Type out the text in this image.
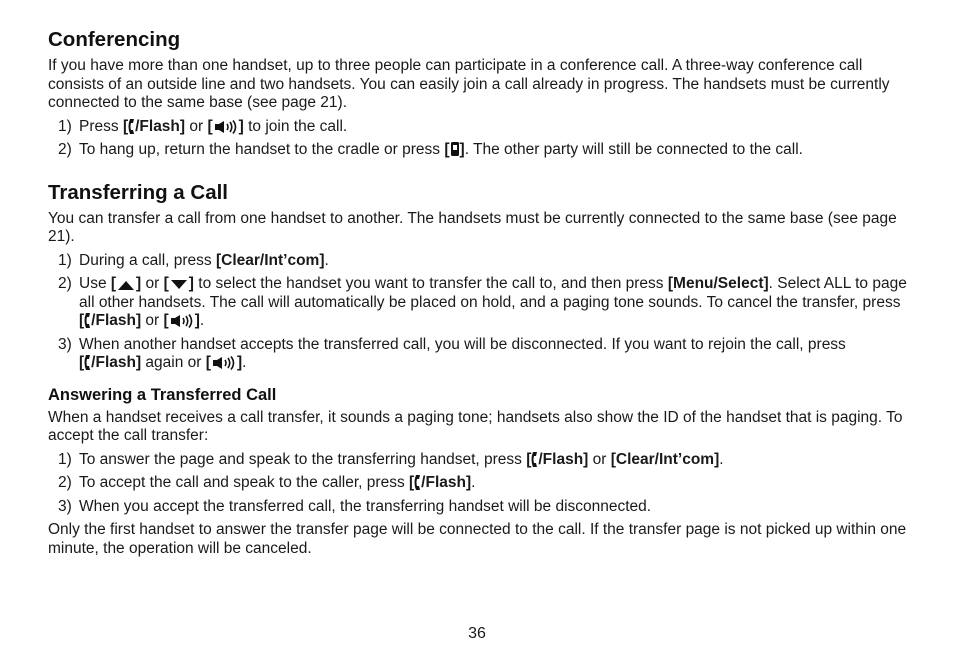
Conferencing

If you have more than one handset, up to three people can participate in a conference call. A three-way conference call consists of an outside line and two handsets. You can easily join a call already in progress. The handsets must be currently connected to the same base (see page 21).

1) Press [ /Flash] or [ ] to join the call.
2) To hang up, return the handset to the cradle or press [ ]. The other party will still be connected to the call.
Transferring a Call

You can transfer a call from one handset to another. The handsets must be currently connected to the same base (see page 21).

1) During a call, press [Clear/Int’com].
2) Use [ ] or [ ] to select the handset you want to transfer the call to, and then press [Menu/Select]. Select ALL to page all other handsets. The call will automatically be placed on hold, and a paging tone sounds. To cancel the transfer, press [ /Flash] or [ ].
3) When another handset accepts the transferred call, you will be disconnected. If you want to rejoin the call, press [ /Flash] again or [ ].
Answering a Transferred Call

When a handset receives a call transfer, it sounds a paging tone; handsets also show the ID of the handset that is paging. To accept the call transfer:

1) To answer the page and speak to the transferring handset, press [ /Flash] or [Clear/Int’com].
2) To accept the call and speak to the caller, press [ /Flash].
3) When you accept the transferred call, the transferring handset will be disconnected.

Only the first handset to answer the transfer page will be connected to the call. If the transfer page is not picked up within one minute, the operation will be canceled.

36
